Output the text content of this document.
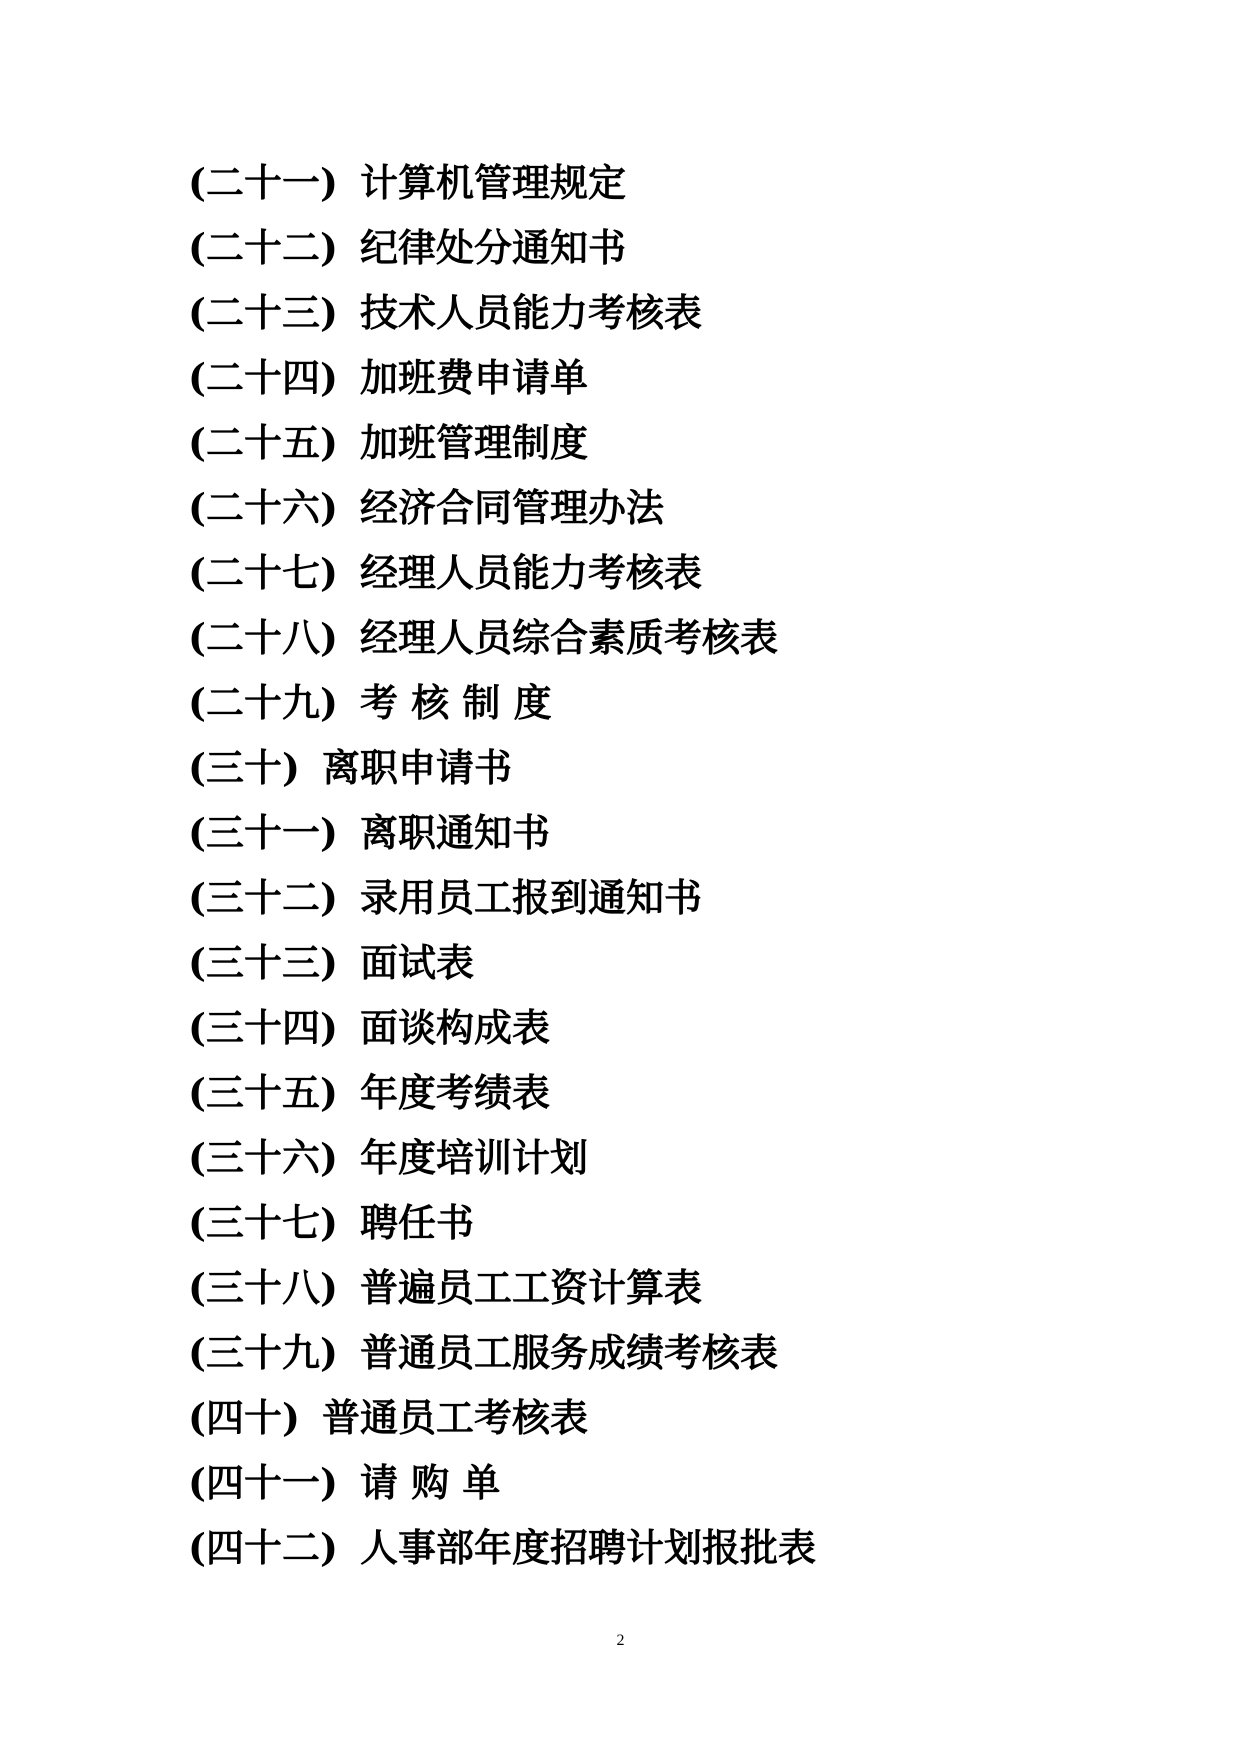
(二十一) 计算机管理规定
(二十二) 纪律处分通知书
(二十三) 技术人员能力考核表
(二十四) 加班费申请单
(二十五) 加班管理制度
(二十六) 经济合同管理办法
(二十七) 经理人员能力考核表
(二十八) 经理人员综合素质考核表
(二十九) 考 核 制 度
(三十) 离职申请书
(三十一) 离职通知书
(三十二) 录用员工报到通知书
(三十三) 面试表
(三十四) 面谈构成表
(三十五) 年度考绩表
(三十六) 年度培训计划
(三十七) 聘任书
(三十八) 普遍员工工资计算表
(三十九) 普通员工服务成绩考核表
(四十) 普通员工考核表
(四十一) 请 购 单
(四十二) 人事部年度招聘计划报批表
2
